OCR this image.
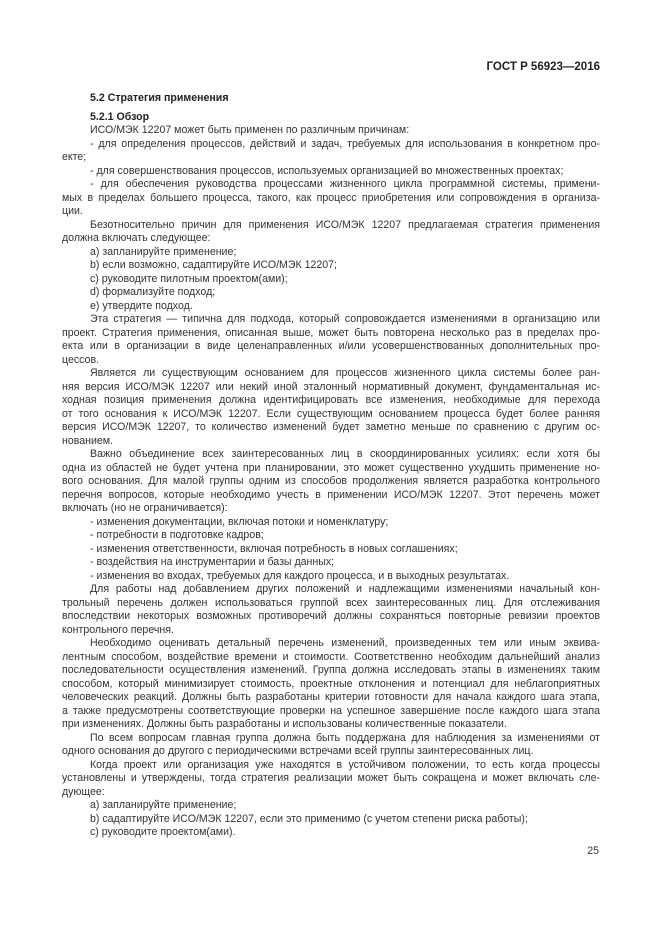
ГОСТ Р 56923—2016
5.2 Стратегия применения
5.2.1 Обзор
ИСО/МЭК 12207 может быть применен по различным причинам:
- для определения процессов, действий и задач, требуемых для использования в конкретном про-
екте;
- для совершенствования процессов, используемых организацией во множественных проектах;
- для обеспечения руководства процессами жизненного цикла программной системы, примени-
мых в пределах большего процесса, такого, как процесс приобретения или сопровождения в организа-
ции.
Безотносительно причин для применения ИСО/МЭК 12207 предлагаемая стратегия применения
должна включать следующее:
a) запланируйте применение;
b) если возможно, садаптируйте ИСО/МЭК 12207;
c) руководите пилотным проектом(ами);
d) формализуйте подход;
e) утвердите подход.
Эта стратегия — типична для подхода, который сопровождается изменениями в организацию или
проект. Стратегия применения, описанная выше, может быть повторена несколько раз в пределах про-
екта или в организации в виде целенаправленных и/или усовершенствованных дополнительных про-
цессов.
Является ли существующим основанием для процессов жизненного цикла системы более ран-
няя версия ИСО/МЭК 12207 или некий иной эталонный нормативный документ, фундаментальная ис-
ходная позиция применения должна идентифицировать все изменения, необходимые для перехода
от того основания к ИСО/МЭК 12207. Если существующим основанием процесса будет более ранняя
версия ИСО/МЭК 12207, то количество изменений будет заметно меньше по сравнению с другим ос-
нованием.
Важно объединение всех заинтересованных лиц в скоординированных усилиях: если хотя бы
одна из областей не будет учтена при планировании, это может существенно ухудшить применение но-
вого основания. Для малой группы одним из способов продолжения является разработка контрольного
перечня вопросов, которые необходимо учесть в применении ИСО/МЭК 12207. Этот перечень может
включать (но не ограничивается):
- изменения документации, включая потоки и номенклатуру;
- потребности в подготовке кадров;
- изменения ответственности, включая потребность в новых соглашениях;
- воздействия на инструментарии и базы данных;
- изменения во входах, требуемых для каждого процесса, и в выходных результатах.
Для работы над добавлением других положений и надлежащими изменениями начальный кон-
трольный перечень должен использоваться группой всех заинтересованных лиц. Для отслеживания
впоследствии некоторых возможных противоречий должны сохраняться повторные ревизии проектов
контрольного перечня.
Необходимо оценивать детальный перечень изменений, произведенных тем или иным эквива-
лентным способом, воздействие времени и стоимости. Соответственно необходим дальнейший анализ
последовательности осуществления изменений. Группа должна исследовать этапы в изменениях таким
способом, который минимизирует стоимость, проектные отклонения и потенциал для неблагоприятных
человеческих реакций. Должны быть разработаны критерии готовности для начала каждого шага этапа,
а также предусмотрены соответствующие проверки на успешное завершение после каждого шага этапа
при изменениях. Должны быть разработаны и использованы количественные показатели.
По всем вопросам главная группа должна быть поддержана для наблюдения за изменениями от
одного основания до другого с периодическими встречами всей группы заинтересованных лиц.
Когда проект или организация уже находятся в устойчивом положении, то есть когда процессы
установлены и утверждены, тогда стратегия реализации может быть сокращена и может включать сле-
дующее:
a) запланируйте применение;
b) садаптируйте ИСО/МЭК 12207, если это применимо (с учетом степени риска работы);
c) руководите проектом(ами).
25
